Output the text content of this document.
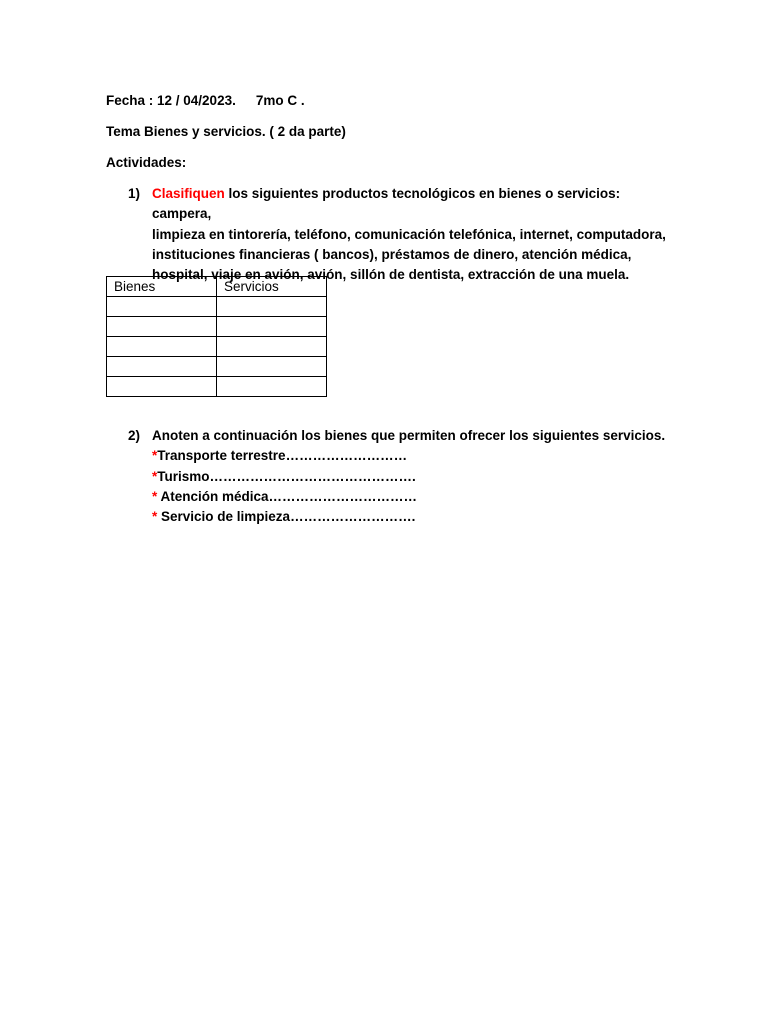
Fecha : 12 / 04/2023. 7mo C .
Tema Bienes y servicios. ( 2 da parte)
Actividades:
1) Clasifiquen los siguientes productos tecnológicos en bienes o servicios: campera,
limpieza en tintorería, teléfono, comunicación telefónica, internet, computadora,
instituciones financieras ( bancos), préstamos de dinero, atención médica,
hospital, viaje en avión, avión, sillón de dentista, extracción de una muela.
Bienes	Servicios

2) Anoten a continuación los bienes que permiten ofrecer los siguientes servicios.
*Transporte terrestre………………………
*Turismo……………………………………….
* Atención médica……………………………
* Servicio de limpieza……………………….
